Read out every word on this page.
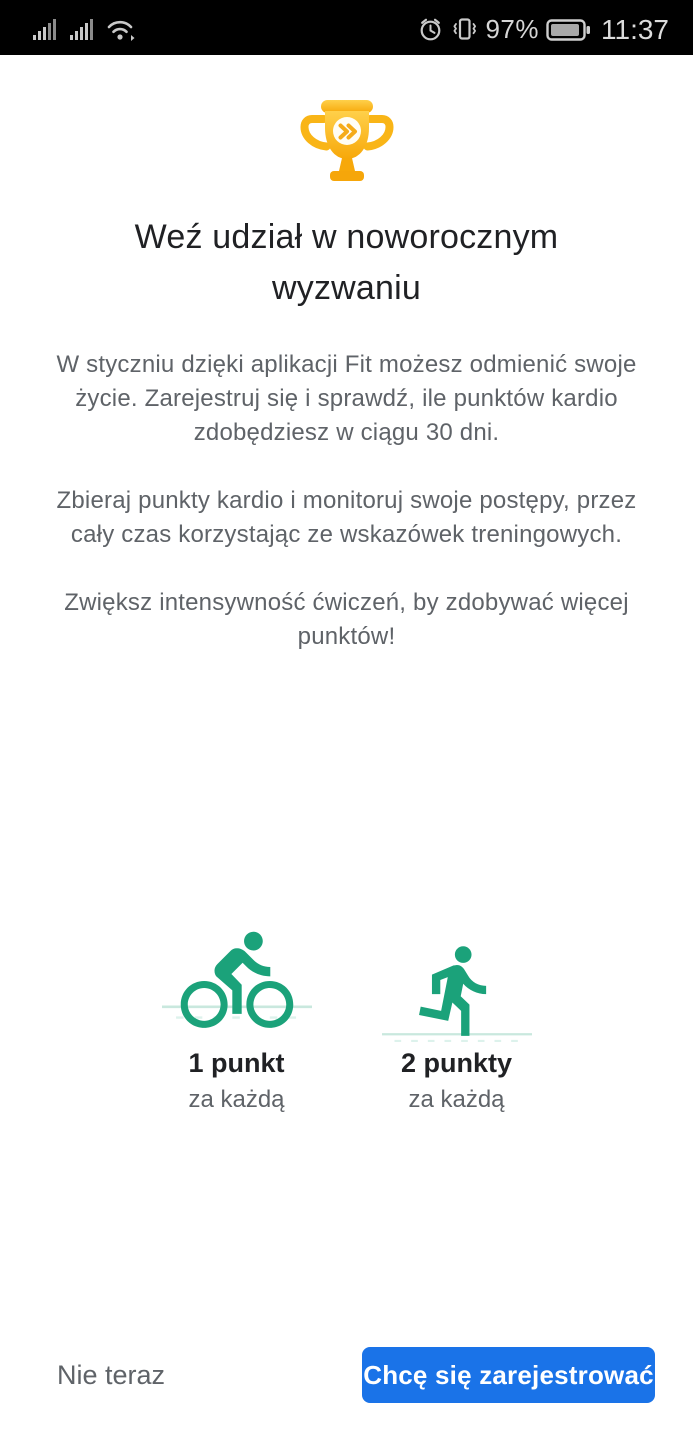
97% 11:37
Weź udział w noworocznym wyzwaniu

W styczniu dzięki aplikacji Fit możesz odmienić swoje życie. Zarejestruj się i sprawdź, ile punktów kardio zdobędziesz w ciągu 30 dni.

Zbieraj punkty kardio i monitoruj swoje postępy, przez cały czas korzystając ze wskazówek treningowych.

Zwiększ intensywność ćwiczeń, by zdobywać więcej punktów!

1 punkt
za każdą
2 punkty
za każdą
Nie teraz	Chcę się zarejestrować
